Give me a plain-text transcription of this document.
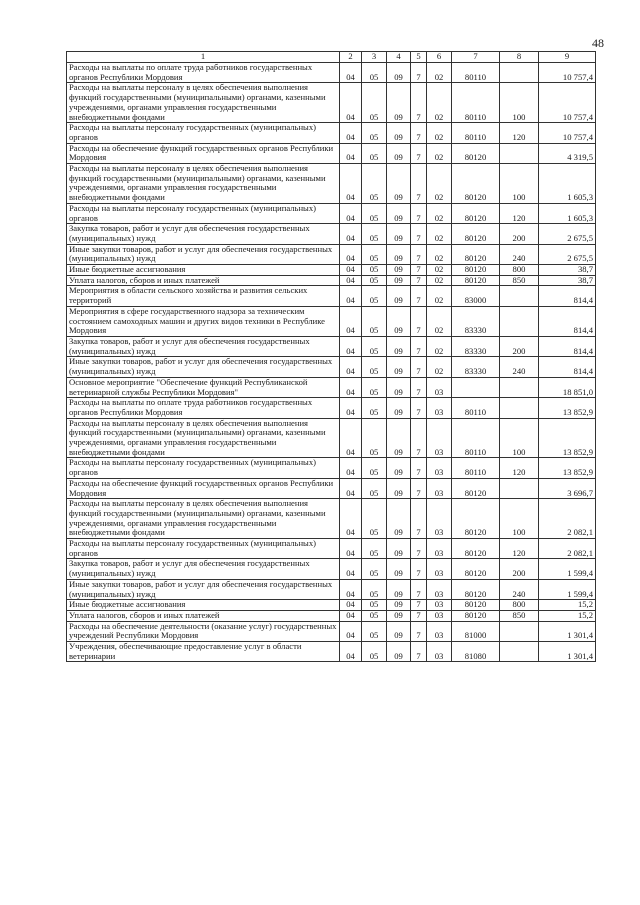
48
1	2	3	4	5	6	7	8	9
Расходы на выплаты по оплате труда работников государственных органов Республики Мордовия	04	05	09	7	02	80110		10 757,4
Расходы на выплаты персоналу в целях обеспечения выполнения функций государственными (муниципальными) органами, казенными учреждениями, органами управления государственными внебюджетными фондами	04	05	09	7	02	80110	100	10 757,4
Расходы на выплаты персоналу государственных (муниципальных) органов	04	05	09	7	02	80110	120	10 757,4
Расходы на обеспечение функций государственных органов Республики Мордовия	04	05	09	7	02	80120		4 319,5
Расходы на выплаты персоналу в целях обеспечения выполнения функций государственными (муниципальными) органами, казенными учреждениями, органами управления государственными внебюджетными фондами	04	05	09	7	02	80120	100	1 605,3
Расходы на выплаты персоналу государственных (муниципальных) органов	04	05	09	7	02	80120	120	1 605,3
Закупка товаров, работ и услуг для обеспечения государственных (муниципальных) нужд	04	05	09	7	02	80120	200	2 675,5
Иные закупки товаров, работ и услуг для обеспечения государственных (муниципальных) нужд	04	05	09	7	02	80120	240	2 675,5
Иные бюджетные ассигнования	04	05	09	7	02	80120	800	38,7
Уплата налогов, сборов и иных платежей	04	05	09	7	02	80120	850	38,7
Мероприятия в области сельского хозяйства и развития сельских территорий	04	05	09	7	02	83000		814,4
Мероприятия в сфере государственного надзора за техническим состоянием самоходных машин и других видов техники в Республике Мордовия	04	05	09	7	02	83330		814,4
Закупка товаров, работ и услуг для обеспечения государственных (муниципальных) нужд	04	05	09	7	02	83330	200	814,4
Иные закупки товаров, работ и услуг для обеспечения государственных (муниципальных) нужд	04	05	09	7	02	83330	240	814,4
Основное мероприятие "Обеспечение функций Республиканской ветеринарной службы Республики Мордовия"	04	05	09	7	03			18 851,0
Расходы на выплаты по оплате труда работников государственных органов Республики Мордовия	04	05	09	7	03	80110		13 852,9
Расходы на выплаты персоналу в целях обеспечения выполнения функций государственными (муниципальными) органами, казенными учреждениями, органами управления государственными внебюджетными фондами	04	05	09	7	03	80110	100	13 852,9
Расходы на выплаты персоналу государственных (муниципальных) органов	04	05	09	7	03	80110	120	13 852,9
Расходы на обеспечение функций государственных органов Республики Мордовия	04	05	09	7	03	80120		3 696,7
Расходы на выплаты персоналу в целях обеспечения выполнения функций государственными (муниципальными) органами, казенными учреждениями, органами управления государственными внебюджетными фондами	04	05	09	7	03	80120	100	2 082,1
Расходы на выплаты персоналу государственных (муниципальных) органов	04	05	09	7	03	80120	120	2 082,1
Закупка товаров, работ и услуг для обеспечения государственных (муниципальных) нужд	04	05	09	7	03	80120	200	1 599,4
Иные закупки товаров, работ и услуг для обеспечения государственных (муниципальных) нужд	04	05	09	7	03	80120	240	1 599,4
Иные бюджетные ассигнования	04	05	09	7	03	80120	800	15,2
Уплата налогов, сборов и иных платежей	04	05	09	7	03	80120	850	15,2
Расходы на обеспечение деятельности (оказание услуг) государственных учреждений Республики Мордовия	04	05	09	7	03	81000		1 301,4
Учреждения, обеспечивающие предоставление услуг в области ветеринарии	04	05	09	7	03	81080		1 301,4
